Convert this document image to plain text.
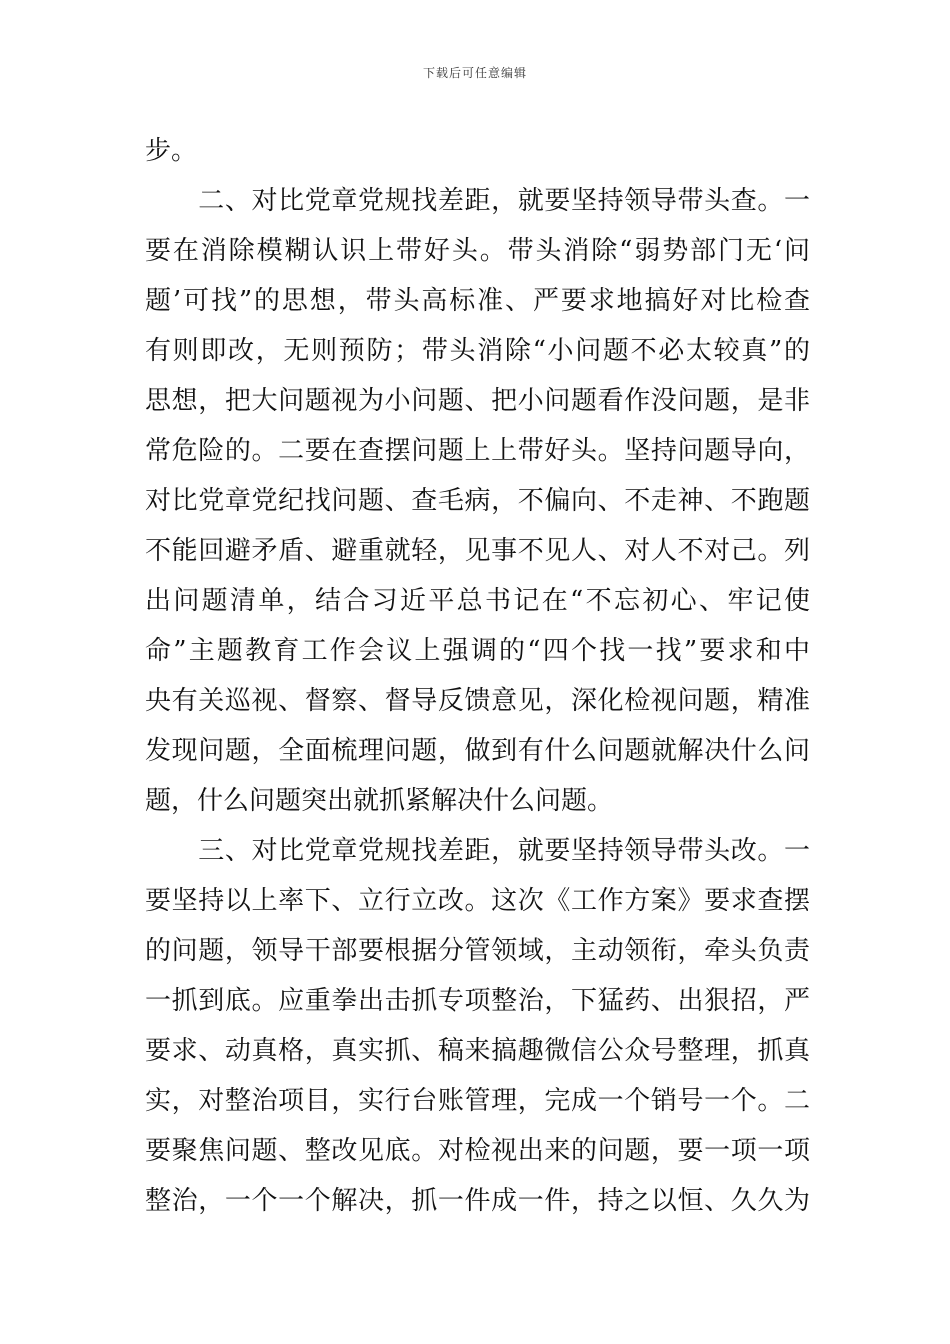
下载后可任意编辑
步。
　　二、对比党章党规找差距，就要坚持领导带头查。一
要在消除模糊认识上带好头。带头消除“弱势部门无‘问
题’可找”的思想，带头高标准、严要求地搞好对比检查
有则即改，无则预防；带头消除“小问题不必太较真”的
思想，把大问题视为小问题、把小问题看作没问题，是非
常危险的。二要在查摆问题上上带好头。坚持问题导向，
对比党章党纪找问题、查毛病，不偏向、不走神、不跑题
不能回避矛盾、避重就轻，见事不见人、对人不对己。列
出问题清单，结合习近平总书记在“不忘初心、牢记使
命”主题教育工作会议上强调的“四个找一找”要求和中
央有关巡视、督察、督导反馈意见，深化检视问题，精准
发现问题，全面梳理问题，做到有什么问题就解决什么问
题，什么问题突出就抓紧解决什么问题。
　　三、对比党章党规找差距，就要坚持领导带头改。一
要坚持以上率下、立行立改。这次《工作方案》要求查摆
的问题，领导干部要根据分管领域，主动领衔，牵头负责
一抓到底。应重拳出击抓专项整治，下猛药、出狠招，严
要求、动真格，真实抓、稿来搞趣微信公众号整理，抓真
实，对整治项目，实行台账管理，完成一个销号一个。二
要聚焦问题、整改见底。对检视出来的问题，要一项一项
整治，一个一个解决，抓一件成一件，持之以恒、久久为
